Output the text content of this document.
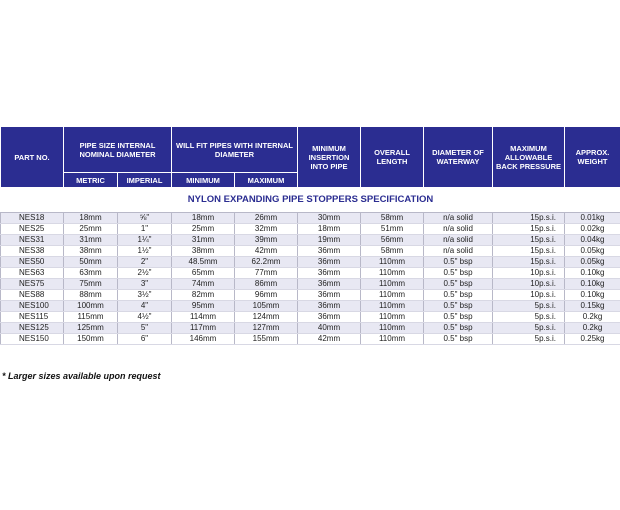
PART NO.	PIPE SIZE INTERNAL NOMINAL DIAMETER		WILL FIT PIPES WITH INTERNAL DIAMETER		MINIMUM INSERTION INTO PIPE	OVERALL LENGTH	DIAMETER OF WATERWAY	MAXIMUM ALLOWABLE BACK PRESSURE	APPROX. WEIGHT
	METRIC	IMPERIAL	MINIMUM	MAXIMUM					
NYLON EXPANDING PIPE STOPPERS SPECIFICATION									
NES18	18mm	⅝"	18mm	26mm	30mm	58mm	n/a solid	15p.s.i.	0.01kg
NES25	25mm	1"	25mm	32mm	18mm	51mm	n/a solid	15p.s.i.	0.02kg
NES31	31mm	1¼"	31mm	39mm	19mm	56mm	n/a solid	15p.s.i.	0.04kg
NES38	38mm	1½"	38mm	42mm	36mm	58mm	n/a solid	15p.s.i.	0.05kg
NES50	50mm	2"	48.5mm	62.2mm	36mm	110mm	0.5" bsp	15p.s.i.	0.05kg
NES63	63mm	2½"	65mm	77mm	36mm	110mm	0.5" bsp	10p.s.i.	0.10kg
NES75	75mm	3"	74mm	86mm	36mm	110mm	0.5" bsp	10p.s.i.	0.10kg
NES88	88mm	3½"	82mm	96mm	36mm	110mm	0.5" bsp	10p.s.i.	0.10kg
NES100	100mm	4"	95mm	105mm	36mm	110mm	0.5" bsp	5p.s.i.	0.15kg
NES115	115mm	4½"	114mm	124mm	36mm	110mm	0.5" bsp	5p.s.i.	0.2kg
NES125	125mm	5"	117mm	127mm	40mm	110mm	0.5" bsp	5p.s.i.	0.2kg
NES150	150mm	6"	146mm	155mm	42mm	110mm	0.5" bsp	5p.s.i.	0.25kg
* Larger sizes available upon request
